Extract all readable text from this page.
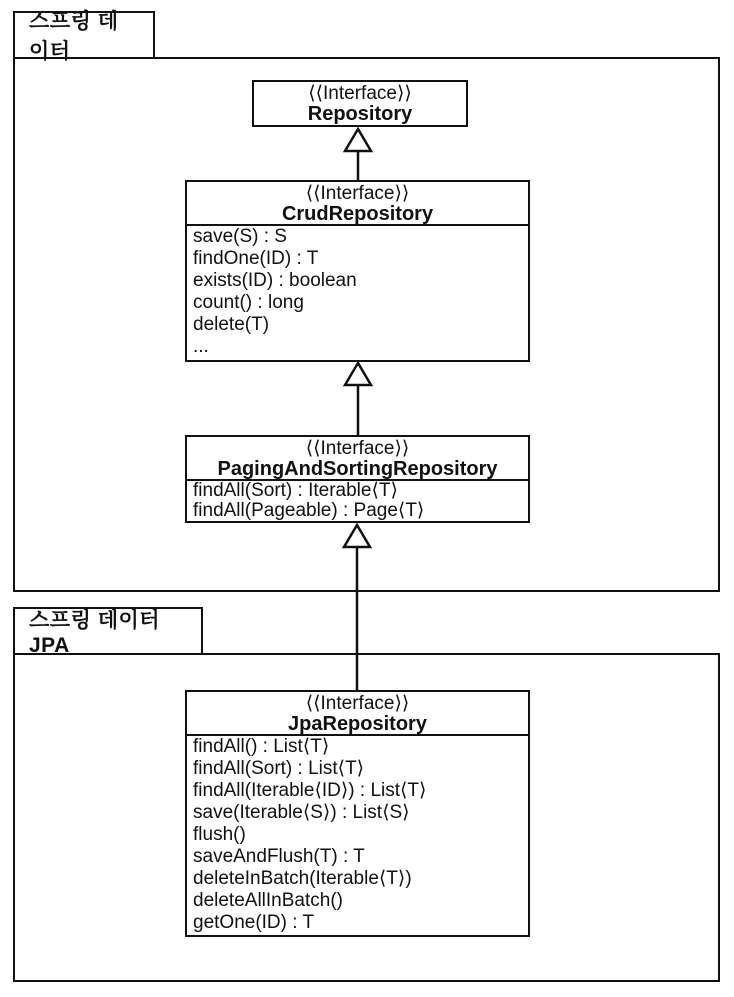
스프링 데이터
스프링 데이터 JPA
⟨⟨Interface⟩⟩
Repository
⟨⟨Interface⟩⟩
CrudRepository
save(S) : S
findOne(ID) : T
exists(ID) : boolean
count() : long
delete(T)
...
⟨⟨Interface⟩⟩
PagingAndSortingRepository
findAll(Sort) : Iterable⟨T⟩
findAll(Pageable) : Page⟨T⟩
⟨⟨Interface⟩⟩
JpaRepository
findAll() : List⟨T⟩
findAll(Sort) : List⟨T⟩
findAll(Iterable⟨ID⟩) : List⟨T⟩
save(Iterable⟨S⟩) : List⟨S⟩
flush()
saveAndFlush(T) : T
deleteInBatch(Iterable⟨T⟩)
deleteAllInBatch()
getOne(ID) : T
